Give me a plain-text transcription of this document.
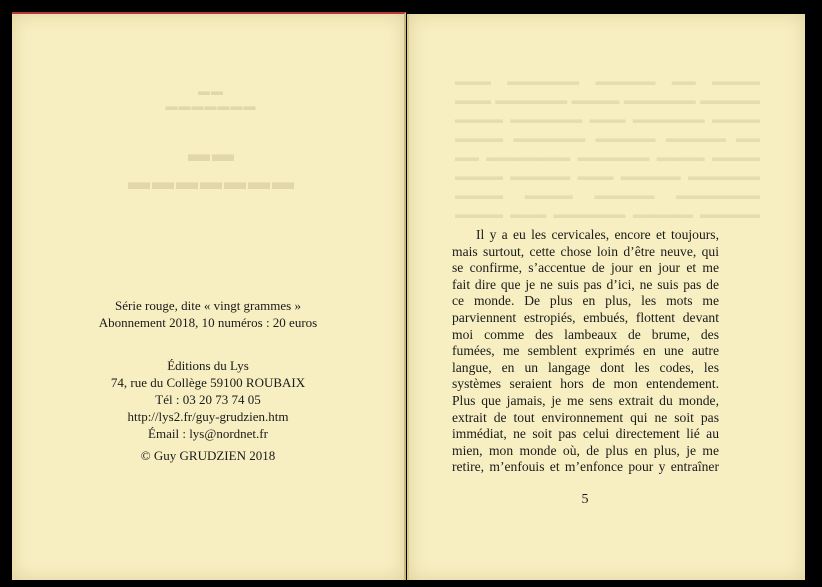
▬▬ ▬▬▬▬▬▬▬
▬▬
▬▬▬▬▬▬▬
▬▬▬▬ ▬▬ ▬▬▬▬▬ ▬▬▬▬▬▬ ▬▬▬ ▬▬▬▬▬ ▬▬▬▬▬▬ ▬▬▬▬ ▬▬▬▬▬▬ ▬▬▬ ▬▬▬▬ ▬▬▬▬▬▬ ▬▬▬ ▬▬▬▬▬▬ ▬▬▬▬ ▬▬ ▬▬▬▬▬ ▬▬▬▬▬ ▬▬▬▬▬▬ ▬▬▬▬ ▬▬▬▬ ▬▬▬▬ ▬▬▬▬▬▬ ▬▬▬▬▬▬▬ ▬▬ ▬▬▬▬▬▬ ▬▬▬▬▬ ▬▬▬ ▬▬▬▬▬ ▬▬▬▬ ▬▬▬▬▬▬▬ ▬▬▬▬▬ ▬▬▬▬ ▬▬▬▬ ▬▬▬▬▬ ▬▬▬▬▬ ▬▬▬▬▬▬ ▬▬▬ ▬▬▬▬
Série rouge, dite « vingt grammes »
Abonnement 2018, 10 numéros : 20 euros
Éditions du Lys
74, rue du Collège 59100 ROUBAIX
Tél : 03 20 73 74 05
http://lys2.fr/guy-grudzien.htm
Émail : lys@nordnet.fr
© Guy GRUDZIEN 2018
Il y a eu les cervicales, encore et toujours,
mais surtout, cette chose loin d’être neuve, qui
se confirme, s’accentue de jour en jour et me
fait dire que je ne suis pas d’ici, ne suis pas de
ce monde. De plus en plus, les mots me
parviennent estropiés, embués, flottent devant
moi comme des lambeaux de brume, des
fumées, me semblent exprimés en une autre
langue, en un langage dont les codes, les
systèmes seraient hors de mon entendement.
Plus que jamais, je me sens extrait du monde,
extrait de tout environnement qui ne soit pas
immédiat, ne soit pas celui directement lié au
mien, mon monde où, de plus en plus, je me
retire, m’enfouis et m’enfonce pour y entraîner
5
